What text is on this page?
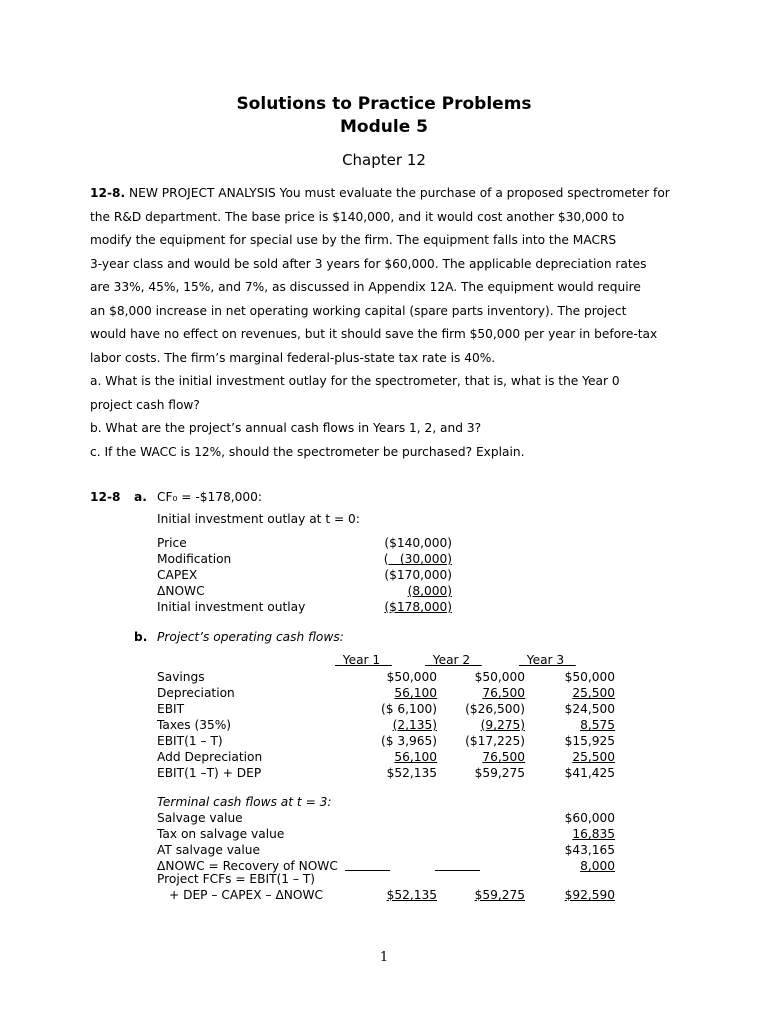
Solutions to Practice Problems
Module 5
Chapter 12
12-8. NEW PROJECT ANALYSIS You must evaluate the purchase of a proposed spectrometer for
the R&D department. The base price is $140,000, and it would cost another $30,000 to
modify the equipment for special use by the firm. The equipment falls into the MACRS
3-year class and would be sold after 3 years for $60,000. The applicable depreciation rates
are 33%, 45%, 15%, and 7%, as discussed in Appendix 12A. The equipment would require
an $8,000 increase in net operating working capital (spare parts inventory). The project
would have no effect on revenues, but it should save the firm $50,000 per year in before-tax
labor costs. The firm’s marginal federal-plus-state tax rate is 40%.
a. What is the initial investment outlay for the spectrometer, that is, what is the Year 0
project cash flow?
b. What are the project’s annual cash flows in Years 1, 2, and 3?
c. If the WACC is 12%, should the spectrometer be purchased? Explain.
12-8 a. CF₀ = -$178,000:
Initial investment outlay at t = 0:
Price	($140,000)
Modification	( (30,000)
CAPEX	($170,000)
ΔNOWC	(8,000)
Initial investment outlay	($178,000)
b. Project’s operating cash flows:
Year 1	Year 2	Year 3
Savings	$50,000	$50,000	$50,000
Depreciation	56,100	76,500	25,500
EBIT	($ 6,100)	($26,500)	$24,500
Taxes (35%)	(2,135)	(9,275)	8,575
EBIT(1 – T)	($ 3,965)	($17,225)	$15,925
Add Depreciation	56,100	76,500	25,500
EBIT(1 –T) + DEP	$52,135	$59,275	$41,425
Terminal cash flows at t = 3:
Salvage value	$60,000
Tax on salvage value	16,835
AT salvage value	$43,165
ΔNOWC = Recovery of NOWC	8,000
Project FCFs = EBIT(1 – T)
+ DEP – CAPEX – ΔNOWC	$52,135	$59,275	$92,590
1
